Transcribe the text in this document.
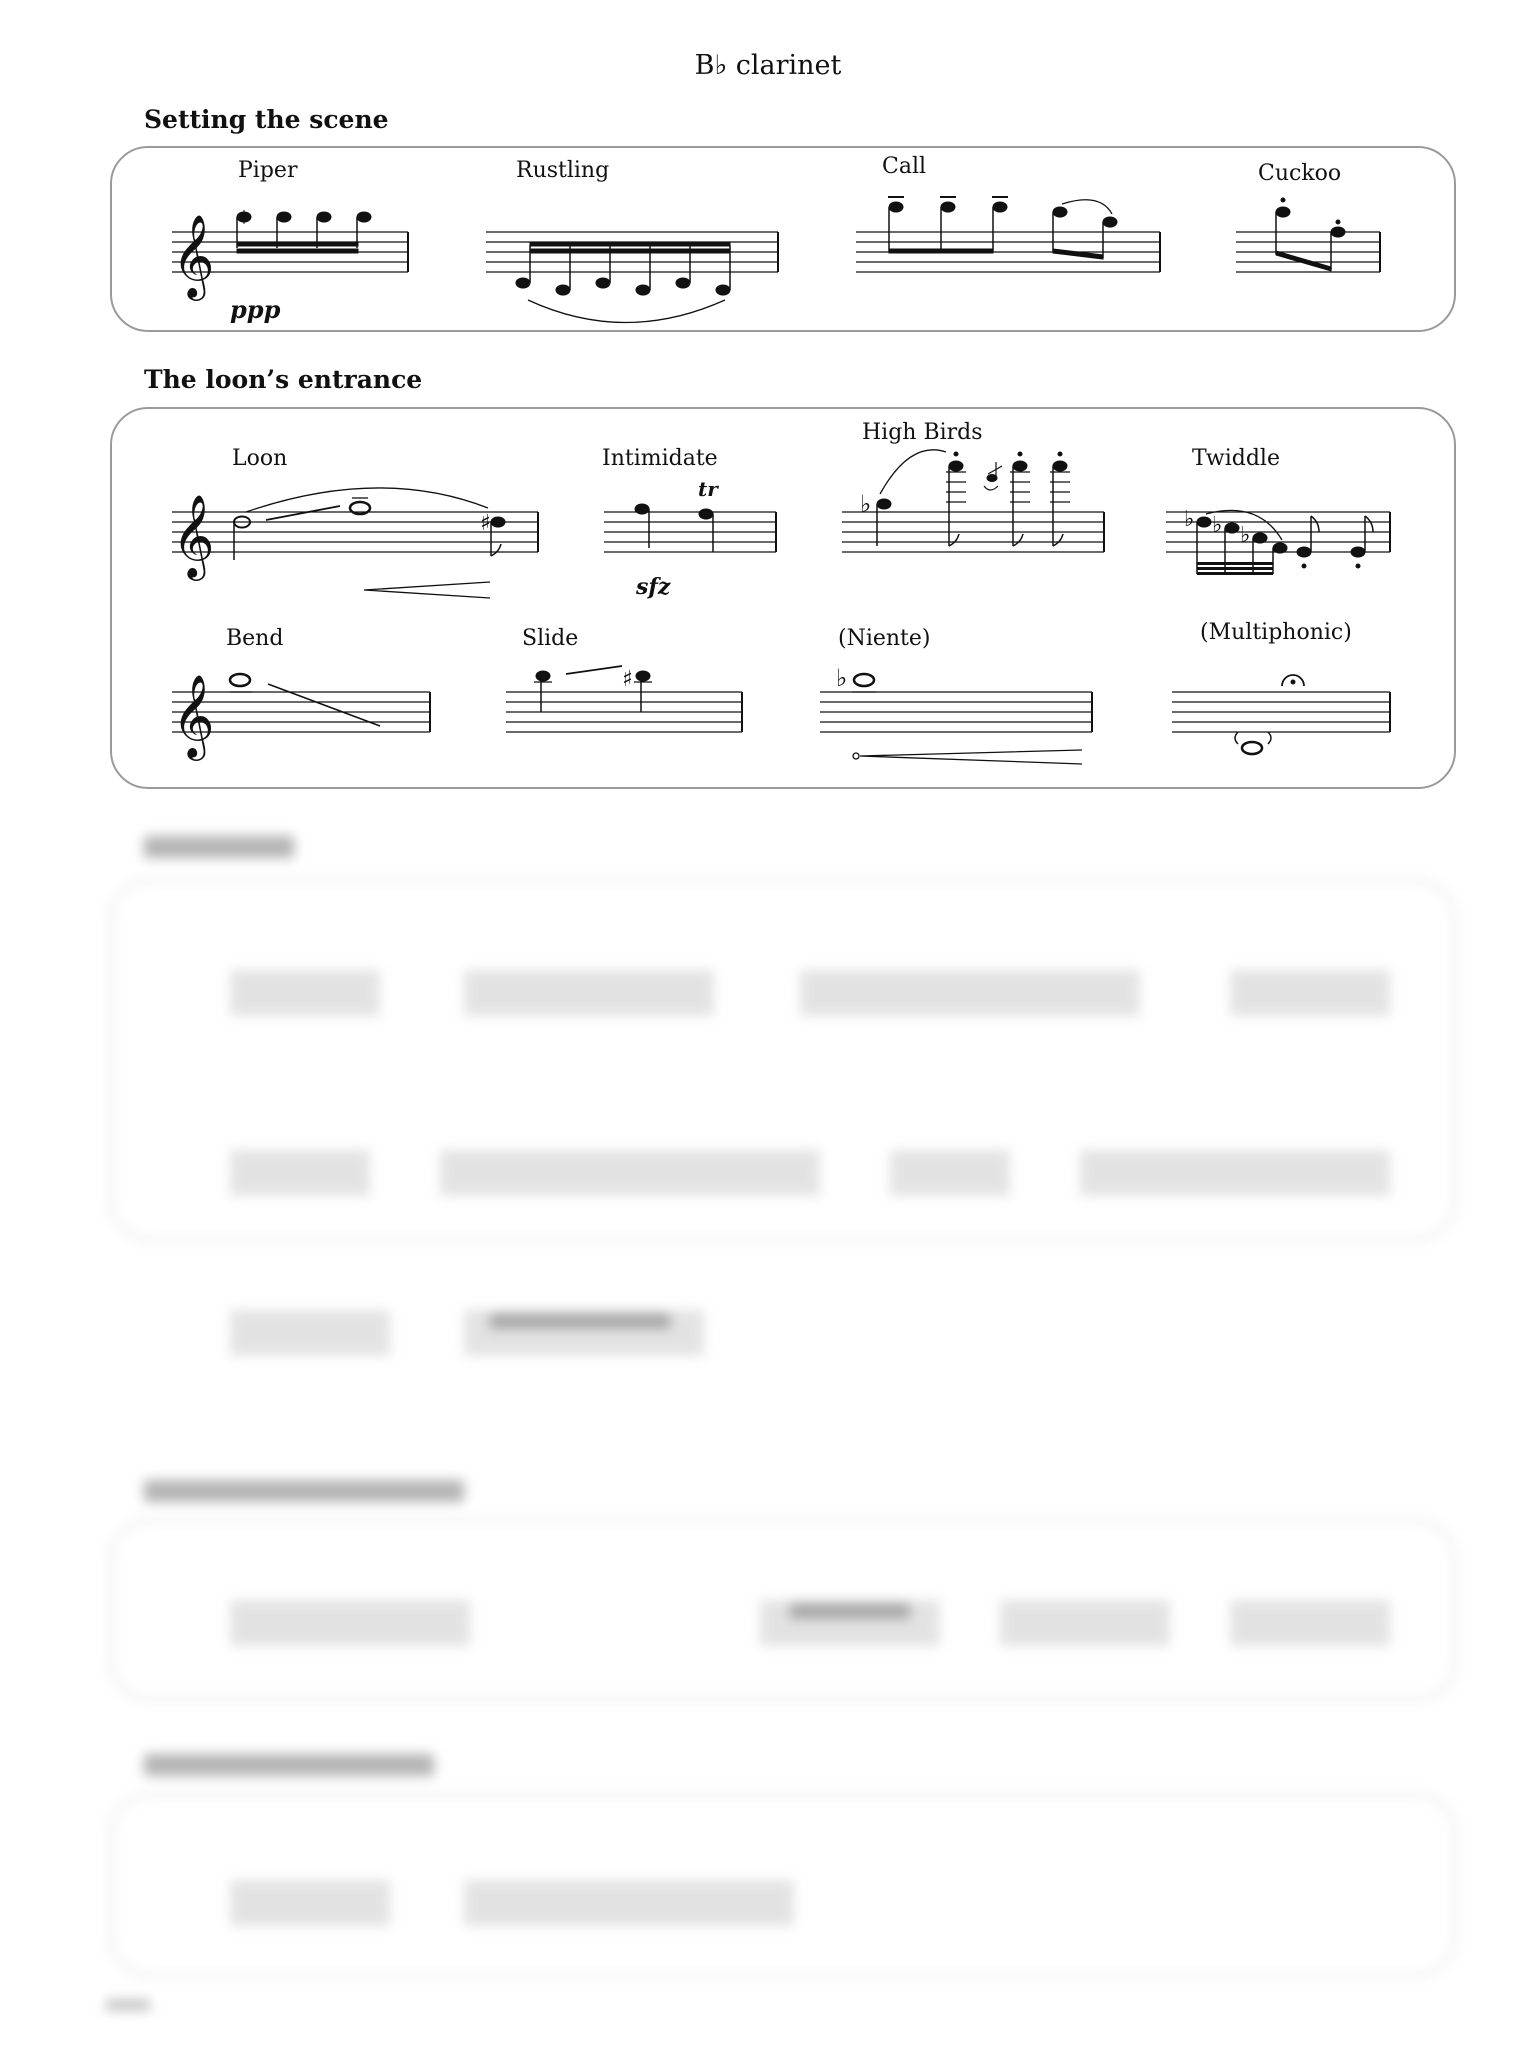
B♭ clarinet
Setting the scene
Piper	Rustling	Call	Cuckoo
𝄞
ppp
The loon’s entrance
Loon	Intimidate
High Birds
Twiddle
Bend	Slide	(Niente)	(Multiphonic)
𝄞
𝄞
♯
tr
sfz
♭
♭ ♭ ♭
♯	♭
